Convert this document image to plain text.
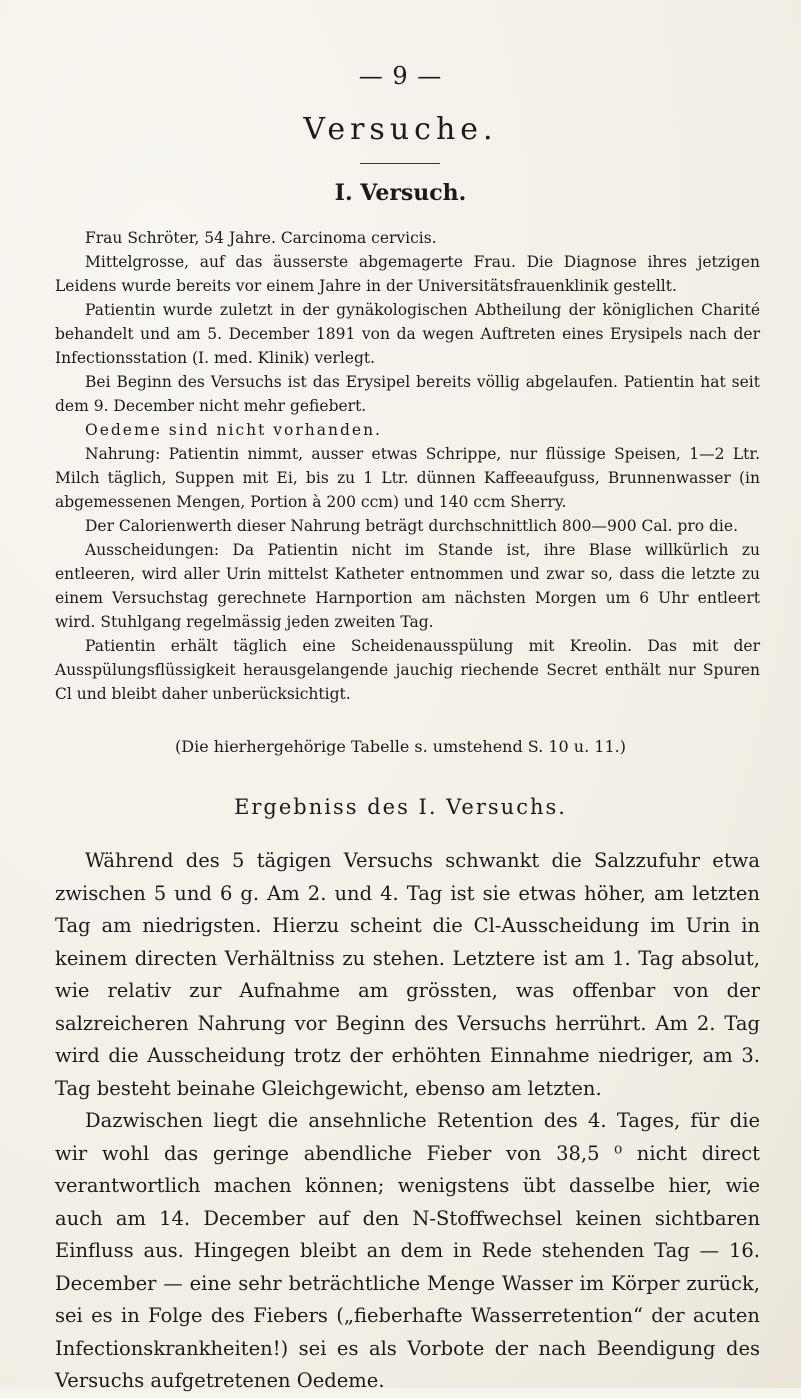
— 9 —
Versuche.
I. Versuch.

Frau Schröter, 54 Jahre. Carcinoma cervicis.

Mittelgrosse, auf das äusserste abgemagerte Frau. Die Diagnose ihres jetzigen Leidens wurde bereits vor einem Jahre in der Universitätsfrauenklinik gestellt.

Patientin wurde zuletzt in der gynäkologischen Abtheilung der königlichen Charité behandelt und am 5. December 1891 von da wegen Auftreten eines Erysipels nach der Infectionsstation (I. med. Klinik) verlegt.

Bei Beginn des Versuchs ist das Erysipel bereits völlig abgelaufen. Patientin hat seit dem 9. December nicht mehr gefiebert.

Oedeme sind nicht vorhanden.

Nahrung: Patientin nimmt, ausser etwas Schrippe, nur flüssige Speisen, 1—2 Ltr. Milch täglich, Suppen mit Ei, bis zu 1 Ltr. dünnen Kaffeeaufguss, Brunnenwasser (in abgemessenen Mengen, Portion à 200 ccm) und 140 ccm Sherry.

Der Calorienwerth dieser Nahrung beträgt durchschnittlich 800—900 Cal. pro die.

Ausscheidungen: Da Patientin nicht im Stande ist, ihre Blase willkürlich zu entleeren, wird aller Urin mittelst Katheter entnommen und zwar so, dass die letzte zu einem Versuchstag gerechnete Harnportion am nächsten Morgen um 6 Uhr entleert wird. Stuhlgang regelmässig jeden zweiten Tag.

Patientin erhält täglich eine Scheidenausspülung mit Kreolin. Das mit der Ausspülungsflüssigkeit herausgelangende jauchig riechende Secret enthält nur Spuren Cl und bleibt daher unberücksichtigt.

(Die hierhergehörige Tabelle s. umstehend S. 10 u. 11.)
Ergebniss des I. Versuchs.

Während des 5 tägigen Versuchs schwankt die Salzzufuhr etwa zwischen 5 und 6 g. Am 2. und 4. Tag ist sie etwas höher, am letzten Tag am niedrigsten. Hierzu scheint die Cl-Ausscheidung im Urin in keinem directen Verhältniss zu stehen. Letztere ist am 1. Tag absolut, wie relativ zur Aufnahme am grössten, was offenbar von der salzreicheren Nahrung vor Beginn des Versuchs herrührt. Am 2. Tag wird die Ausscheidung trotz der erhöhten Einnahme niedriger, am 3. Tag besteht beinahe Gleichgewicht, ebenso am letzten.

Dazwischen liegt die ansehnliche Retention des 4. Tages, für die wir wohl das geringe abendliche Fieber von 38,5 ⁰ nicht direct verantwortlich machen können; wenigstens übt dasselbe hier, wie auch am 14. December auf den N-Stoffwechsel keinen sichtbaren Einfluss aus. Hingegen bleibt an dem in Rede stehenden Tag — 16. December — eine sehr beträchtliche Menge Wasser im Körper zurück, sei es in Folge des Fiebers („fieberhafte Wasserretention“ der acuten Infectionskrankheiten!) sei es als Vorbote der nach Beendigung des Versuchs aufgetretenen Oedeme.
